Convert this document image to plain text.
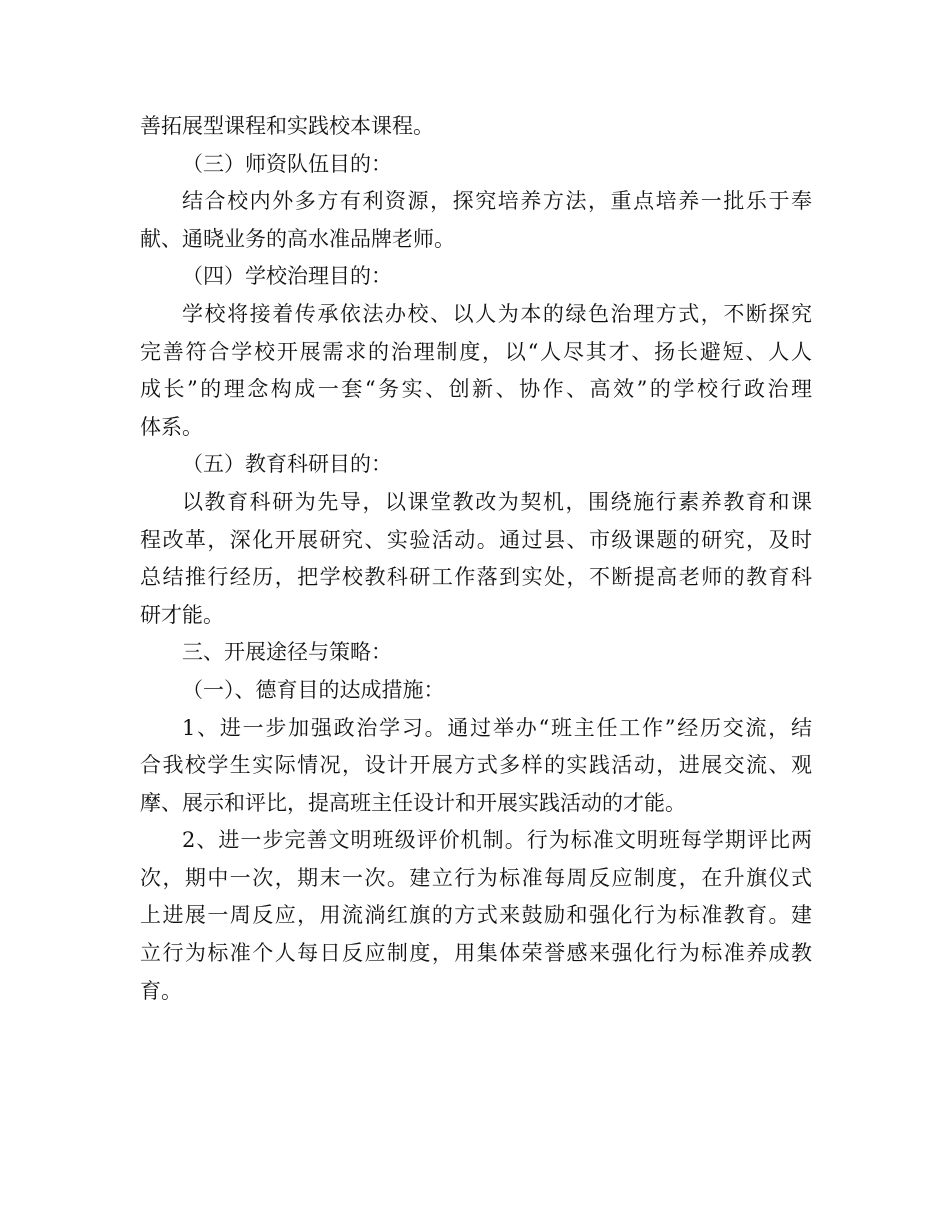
善拓展型课程和实践校本课程。
（三）师资队伍目的：
结合校内外多方有利资源，探究培养方法，重点培养一批乐于奉
献、通晓业务的高水准品牌老师。
（四）学校治理目的：
学校将接着传承依法办校、以人为本的绿色治理方式，不断探究
完善符合学校开展需求的治理制度，以“人尽其才、扬长避短、人人
成长”的理念构成一套“务实、创新、协作、高效”的学校行政治理
体系。
（五）教育科研目的：
以教育科研为先导，以课堂教改为契机，围绕施行素养教育和课
程改革，深化开展研究、实验活动。通过县、市级课题的研究，及时
总结推行经历，把学校教科研工作落到实处，不断提高老师的教育科
研才能。
三、开展途径与策略：
（一）、德育目的达成措施：
1、进一步加强政治学习。通过举办“班主任工作”经历交流，结
合我校学生实际情况，设计开展方式多样的实践活动，进展交流、观
摩、展示和评比，提高班主任设计和开展实践活动的才能。
2、进一步完善文明班级评价机制。行为标准文明班每学期评比两
次，期中一次，期末一次。建立行为标准每周反应制度，在升旗仪式
上进展一周反应，用流淌红旗的方式来鼓励和强化行为标准教育。建
立行为标准个人每日反应制度，用集体荣誉感来强化行为标准养成教
育。
